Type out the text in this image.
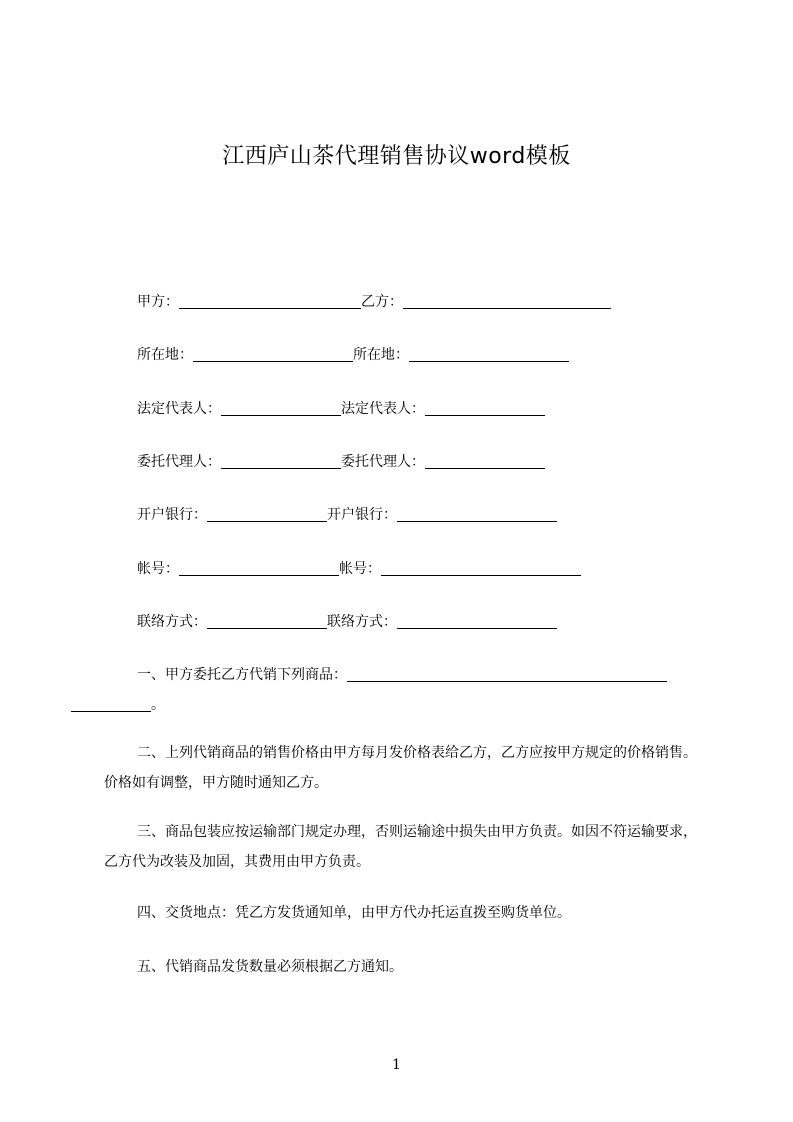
江西庐山茶代理销售协议word模板
甲方：	乙方：
所在地：	所在地：
法定代表人：	法定代表人：
委托代理人：	委托代理人：
开户银行：	开户银行：
帐号：	帐号：
联络方式：	联络方式：
一、甲方委托乙方代销下列商品：
。
二、上列代销商品的销售价格由甲方每月发价格表给乙方，乙方应按甲方规定的价格销售。价格如有调整，甲方随时通知乙方。
三、商品包装应按运输部门规定办理，否则运输途中损失由甲方负责。如因不符运输要求，乙方代为改装及加固，其费用由甲方负责。
四、交货地点：凭乙方发货通知单，由甲方代办托运直拨至购货单位。
五、代销商品发货数量必须根据乙方通知。
1
